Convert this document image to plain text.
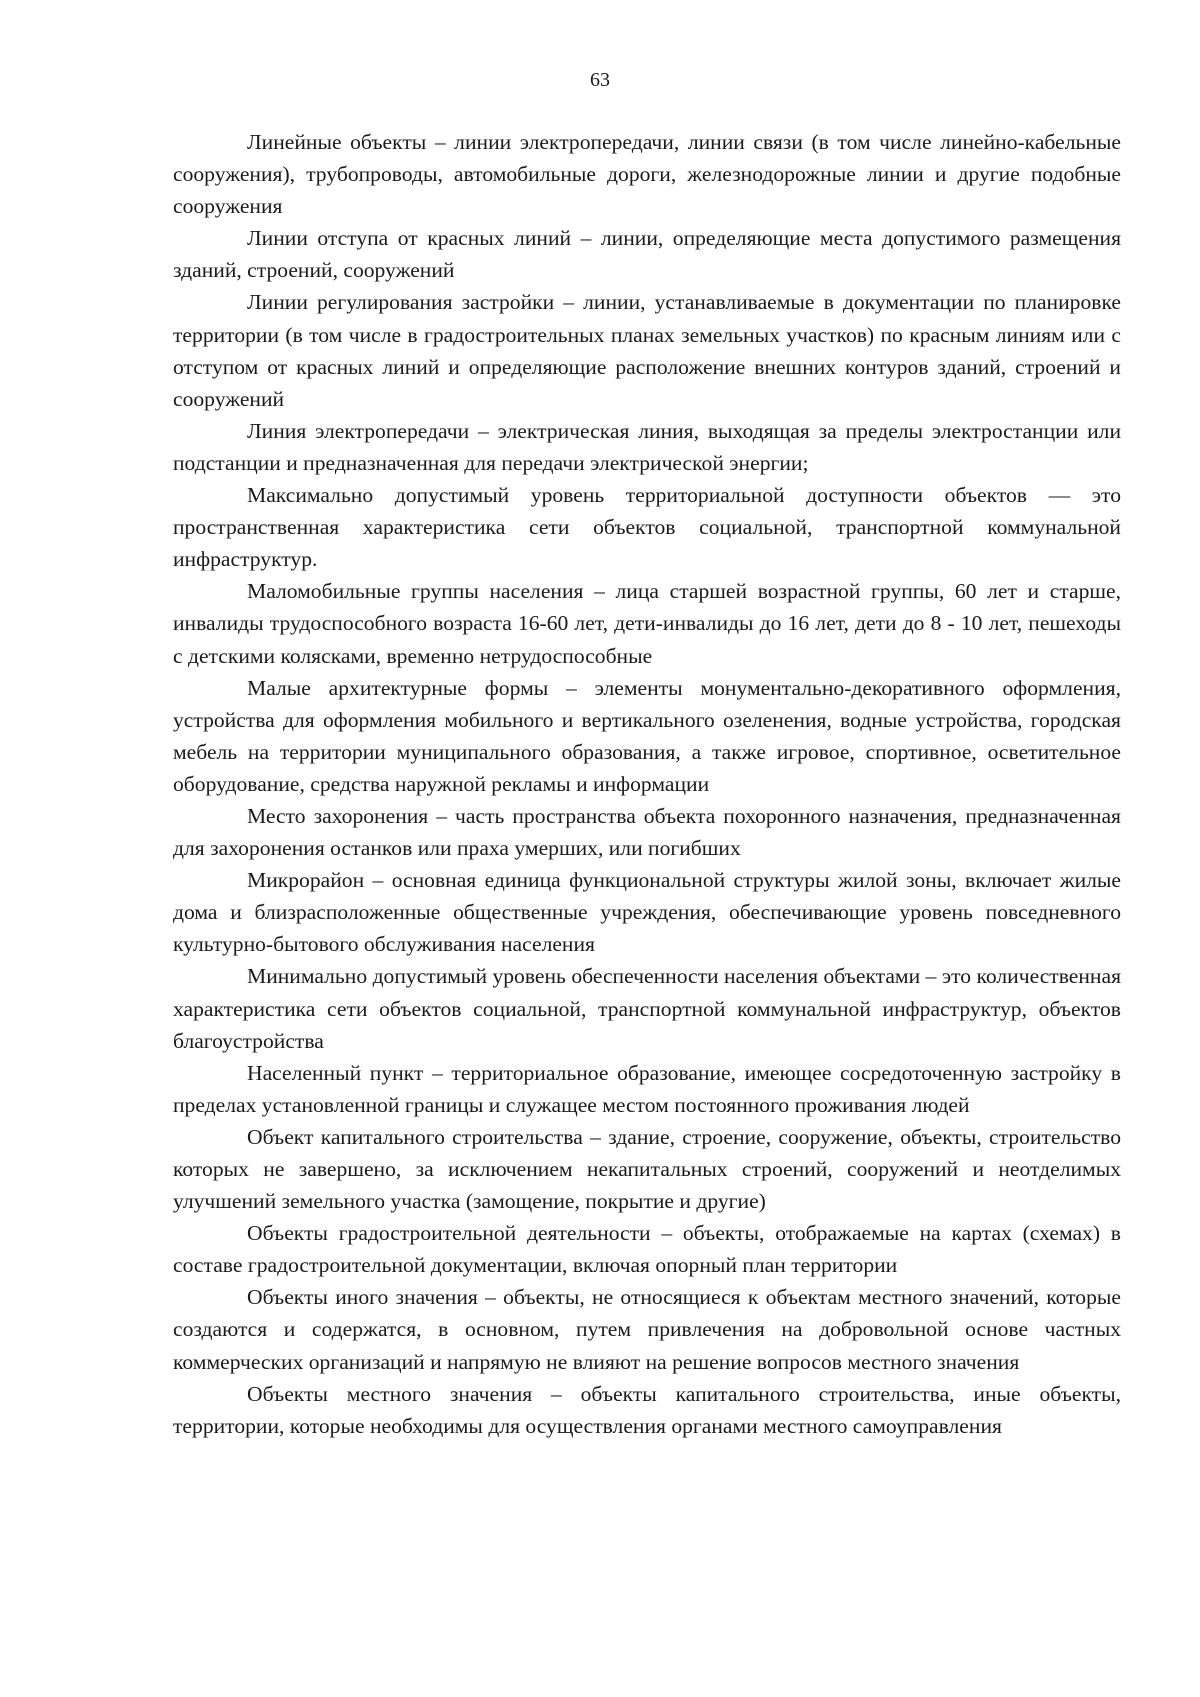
63

Линейные объекты – линии электропередачи, линии связи (в том числе линейно-кабельные сооружения), трубопроводы, автомобильные дороги, железнодорожные линии и другие подобные сооружения

Линии отступа от красных линий – линии, определяющие места допустимого размещения зданий, строений, сооружений

Линии регулирования застройки – линии, устанавливаемые в документации по планировке территории (в том числе в градостроительных планах земельных участков) по красным линиям или с отступом от красных линий и определяющие расположение внешних контуров зданий, строений и сооружений

Линия электропередачи – электрическая линия, выходящая за пределы электростанции или подстанции и предназначенная для передачи электрической энергии;

Максимально допустимый уровень территориальной доступности объектов — это пространственная характеристика сети объектов социальной, транспортной коммунальной инфраструктур.

Маломобильные группы населения – лица старшей возрастной группы, 60 лет и старше, инвалиды трудоспособного возраста 16-60 лет, дети-инвалиды до 16 лет, дети до 8 - 10 лет, пешеходы с детскими колясками, временно нетрудоспособные

Малые архитектурные формы – элементы монументально-декоративного оформления, устройства для оформления мобильного и вертикального озеленения, водные устройства, городская мебель на территории муниципального образования, а также игровое, спортивное, осветительное оборудование, средства наружной рекламы и информации

Место захоронения – часть пространства объекта похоронного назначения, предназначенная для захоронения останков или праха умерших, или погибших

Микрорайон – основная единица функциональной структуры жилой зоны, включает жилые дома и близрасположенные общественные учреждения, обеспечивающие уровень повседневного культурно-бытового обслуживания населения

Минимально допустимый уровень обеспеченности населения объектами – это количественная характеристика сети объектов социальной, транспортной коммунальной инфраструктур, объектов благоустройства

Населенный пункт – территориальное образование, имеющее сосредоточенную застройку в пределах установленной границы и служащее местом постоянного проживания людей

Объект капитального строительства – здание, строение, сооружение, объекты, строительство которых не завершено, за исключением некапитальных строений, сооружений и неотделимых улучшений земельного участка (замощение, покрытие и другие)

Объекты градостроительной деятельности – объекты, отображаемые на картах (схемах) в составе градостроительной документации, включая опорный план территории

Объекты иного значения – объекты, не относящиеся к объектам местного значений, которые создаются и содержатся, в основном, путем привлечения на добровольной основе частных коммерческих организаций и напрямую не влияют на решение вопросов местного значения

Объекты местного значения – объекты капитального строительства, иные объекты, территории, которые необходимы для осуществления органами местного самоуправления
